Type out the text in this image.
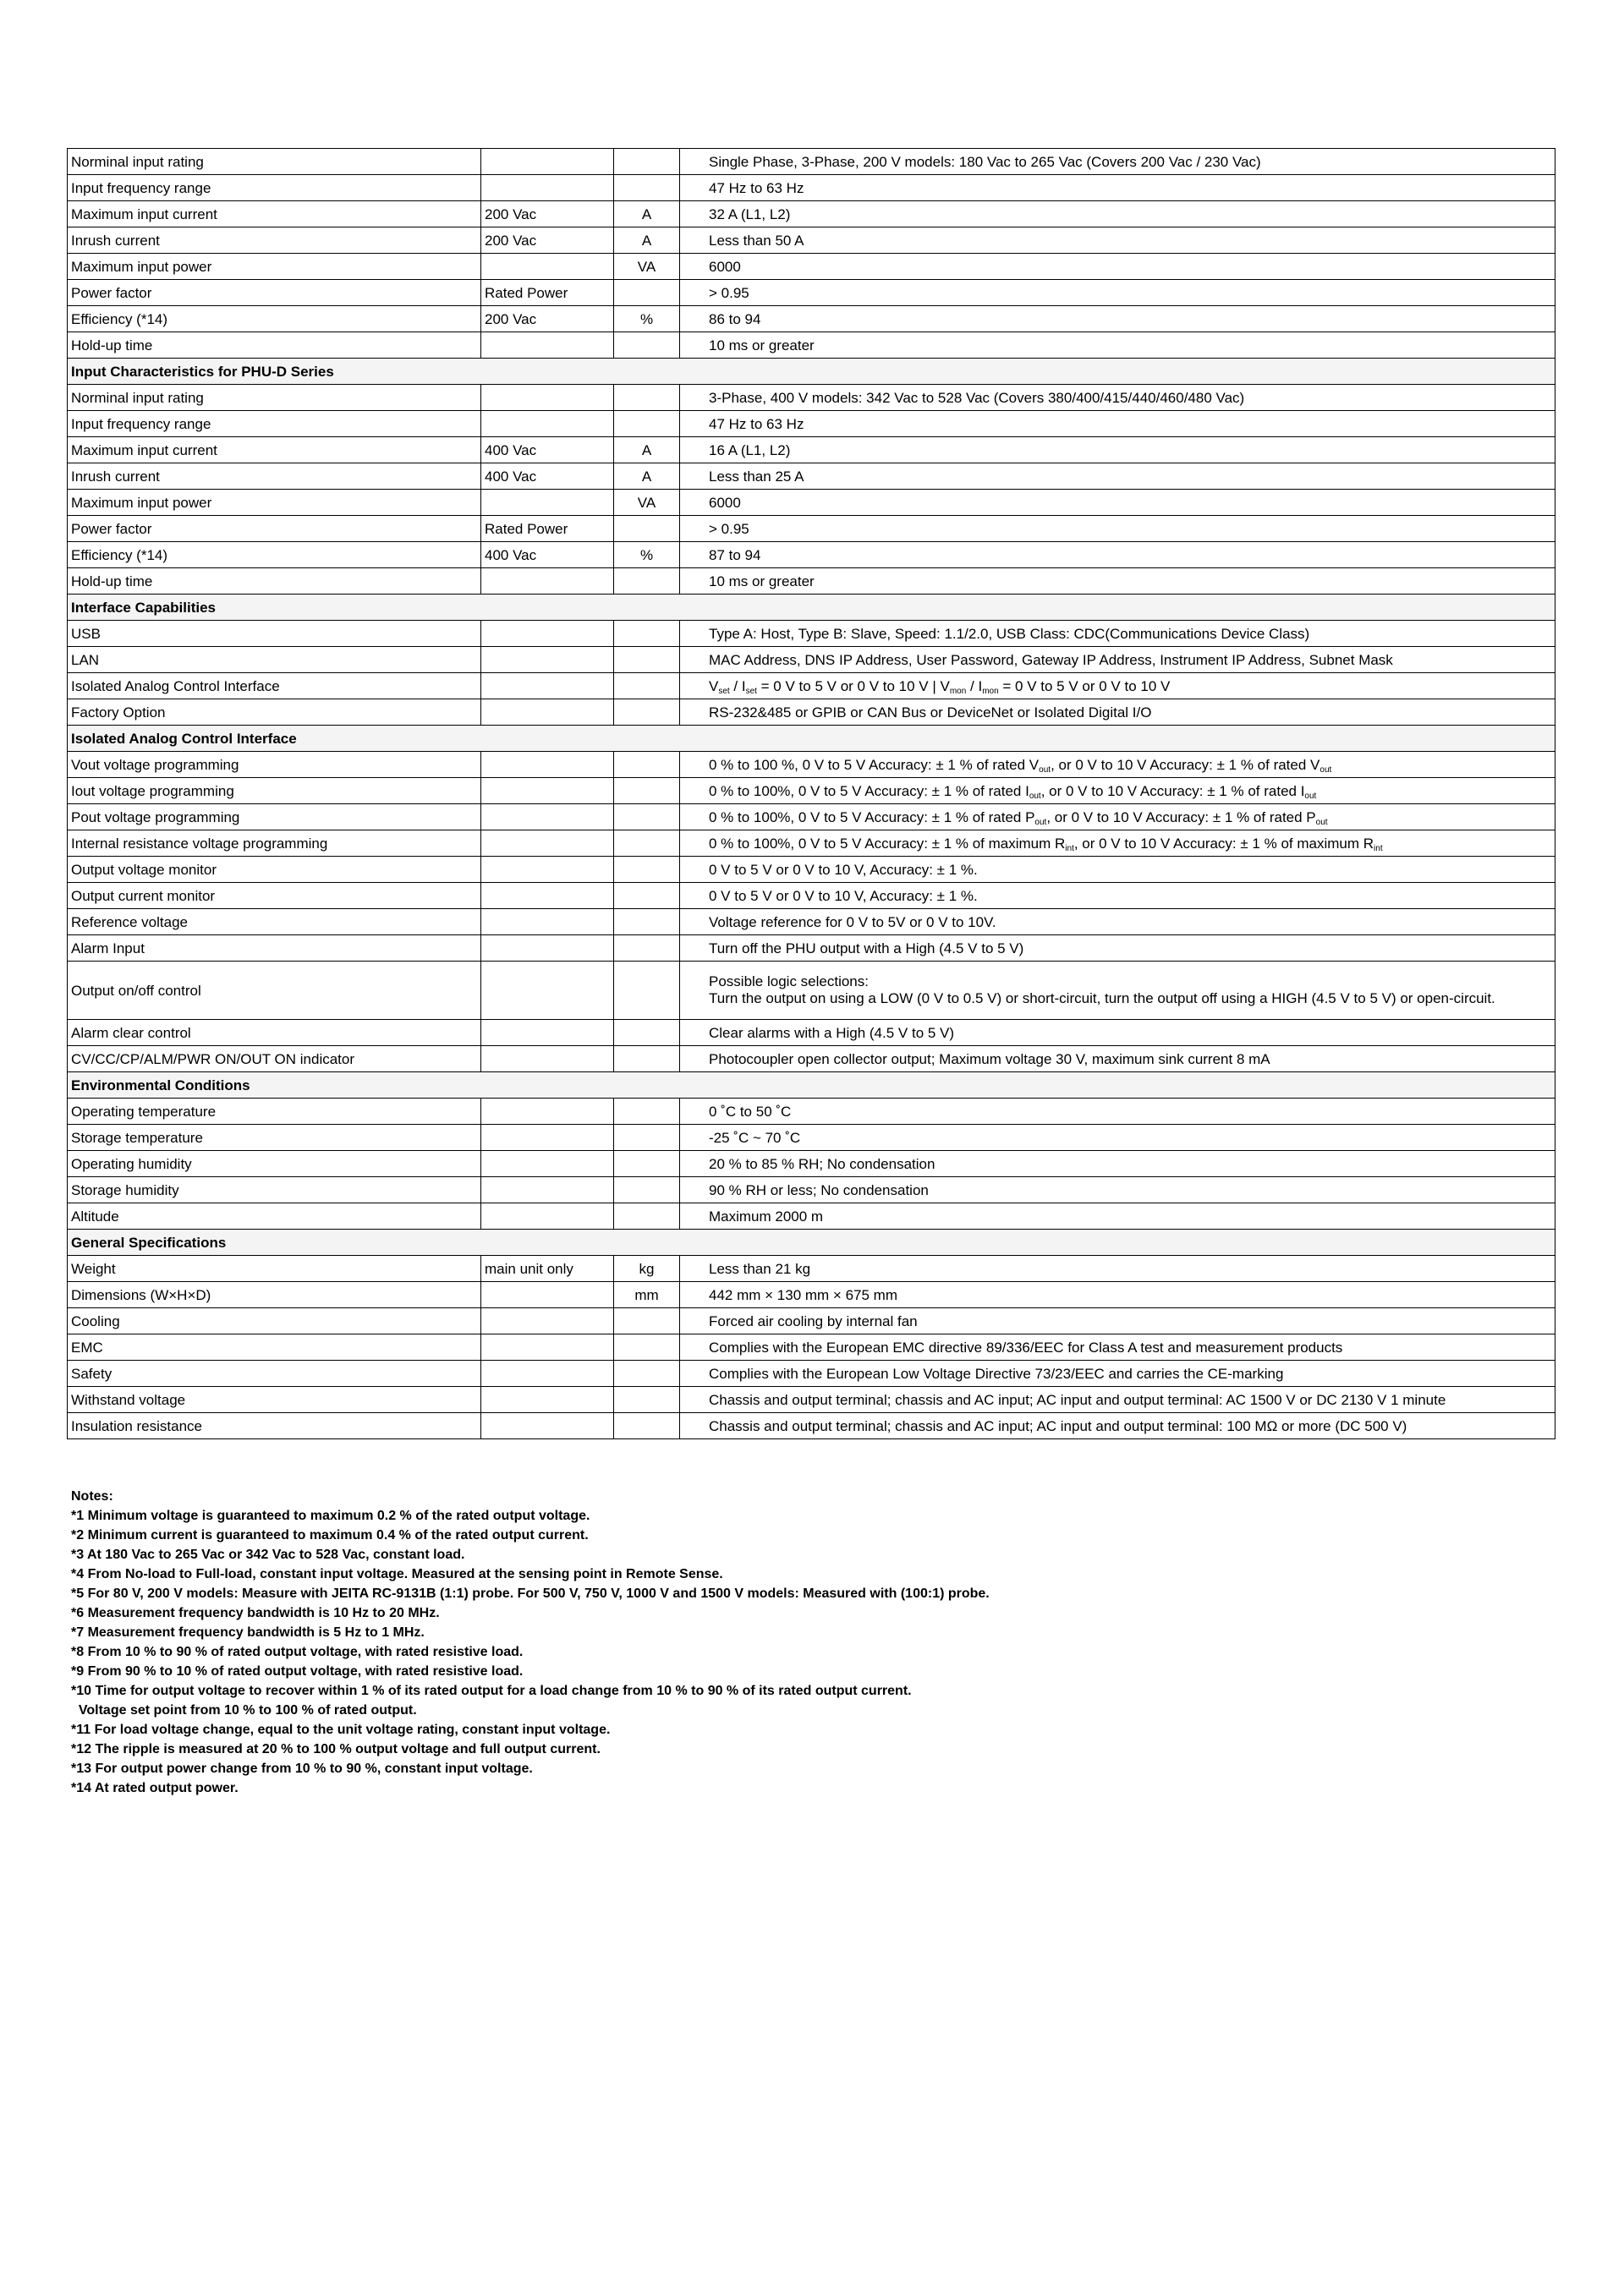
Norminal input rating			Single Phase, 3-Phase, 200 V models: 180 Vac to 265 Vac (Covers 200 Vac / 230 Vac)
Input frequency range			47 Hz to 63 Hz
Maximum input current	200 Vac	A	32 A (L1, L2)
Inrush current	200 Vac	A	Less than 50 A
Maximum input power		VA	6000
Power factor	Rated Power		> 0.95
Efficiency (*14)	200 Vac	%	86 to 94
Hold-up time			10 ms or greater
Input Characteristics for PHU-D Series			
Norminal input rating			3-Phase, 400 V models: 342 Vac to 528 Vac (Covers 380/400/415/440/460/480 Vac)
Input frequency range			47 Hz to 63 Hz
Maximum input current	400 Vac	A	16 A (L1, L2)
Inrush current	400 Vac	A	Less than 25 A
Maximum input power		VA	6000
Power factor	Rated Power		> 0.95
Efficiency (*14)	400 Vac	%	87 to 94
Hold-up time			10 ms or greater
Interface Capabilities			
USB			Type A: Host, Type B: Slave, Speed: 1.1/2.0, USB Class: CDC(Communications Device Class)
LAN			MAC Address, DNS IP Address, User Password, Gateway IP Address, Instrument IP Address, Subnet Mask
Isolated Analog Control Interface			$V_{set} / I_{set} = 0$ V to 5 V or 0 V to 10 V | $V_{mon} / I_{mon} = 0$ V to 5 V or 0 V to 10 V
Factory Option			RS-232&485 or GPIB or CAN Bus or DeviceNet or Isolated Digital I/O
Isolated Analog Control Interface			
Vout voltage programming			0 % to 100 %, 0 V to 5 V Accuracy: ± 1 % of rated $V_{out}$, or 0 V to 10 V Accuracy: ± 1 % of rated $V_{out}$
Iout voltage programming			0 % to 100%, 0 V to 5 V Accuracy: ± 1 % of rated $I_{out}$, or 0 V to 10 V Accuracy: ± 1 % of rated $I_{out}$
Pout voltage programming			0 % to 100%, 0 V to 5 V Accuracy: ± 1 % of rated $P_{out}$, or 0 V to 10 V Accuracy: ± 1 % of rated $P_{out}$
Internal resistance voltage programming			0 % to 100%, 0 V to 5 V Accuracy: ± 1 % of maximum $R_{int}$, or 0 V to 10 V Accuracy: ± 1 % of maximum $R_{int}$
Output voltage monitor			0 V to 5 V or 0 V to 10 V, Accuracy: ± 1 %.
Output current monitor			0 V to 5 V or 0 V to 10 V, Accuracy: ± 1 %.
Reference voltage			Voltage reference for 0 V to 5V or 0 V to 10V.
Alarm Input			Turn off the PHU output with a High (4.5 V to 5 V)
Output on/off control			Possible logic selections:
Turn the output on using a LOW (0 V to 0.5 V) or short-circuit, turn the output off using a HIGH (4.5 V to 5 V) or open-circuit.
Alarm clear control			Clear alarms with a High (4.5 V to 5 V)
CV/CC/CP/ALM/PWR ON/OUT ON indicator			Photocoupler open collector output; Maximum voltage 30 V, maximum sink current 8 mA
Environmental Conditions			
Operating temperature			0 ˚C to 50 ˚C
Storage temperature			-25 ˚C ~ 70 ˚C
Operating humidity			20 % to 85 % RH; No condensation
Storage humidity			90 % RH or less; No condensation
Altitude			Maximum 2000 m
General Specifications			
Weight	main unit only	kg	Less than 21 kg
Dimensions (W×H×D)		mm	442 mm × 130 mm × 675 mm
Cooling			Forced air cooling by internal fan
EMC			Complies with the European EMC directive 89/336/EEC for Class A test and measurement products
Safety			Complies with the European Low Voltage Directive 73/23/EEC and carries the CE-marking
Withstand voltage			Chassis and output terminal; chassis and AC input; AC input and output terminal: AC 1500 V or DC 2130 V 1 minute
Insulation resistance			Chassis and output terminal; chassis and AC input; AC input and output terminal: 100 MΩ or more (DC 500 V)
Notes:
*1 Minimum voltage is guaranteed to maximum 0.2 % of the rated output voltage.
*2 Minimum current is guaranteed to maximum 0.4 % of the rated output current.
*3 At 180 Vac to 265 Vac or 342 Vac to 528 Vac, constant load.
*4 From No-load to Full-load, constant input voltage. Measured at the sensing point in Remote Sense.
*5 For 80 V, 200 V models: Measure with JEITA RC-9131B (1:1) probe. For 500 V, 750 V, 1000 V and 1500 V models: Measured with (100:1) probe.
*6 Measurement frequency bandwidth is 10 Hz to 20 MHz.
*7 Measurement frequency bandwidth is 5 Hz to 1 MHz.
*8 From 10 % to 90 % of rated output voltage, with rated resistive load.
*9 From 90 % to 10 % of rated output voltage, with rated resistive load.
*10 Time for output voltage to recover within 1 % of its rated output for a load change from 10 % to 90 % of its rated output current.
Voltage set point from 10 % to 100 % of rated output.
*11 For load voltage change, equal to the unit voltage rating, constant input voltage.
*12 The ripple is measured at 20 % to 100 % output voltage and full output current.
*13 For output power change from 10 % to 90 %, constant input voltage.
*14 At rated output power.
